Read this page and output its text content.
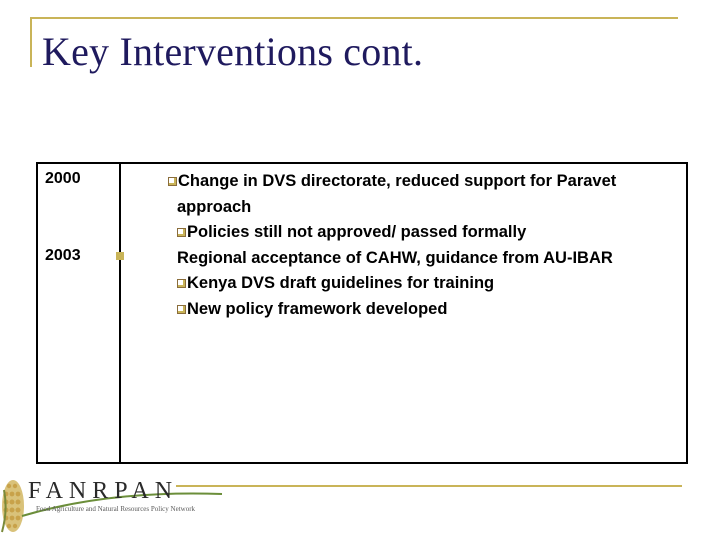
Key Interventions cont.
2000
2003
Change in DVS directorate, reduced support for Paravet
approach
Policies still not approved/ passed formally
Regional acceptance of CAHW, guidance from AU-IBAR
Kenya DVS draft guidelines for training
New policy framework developed
FANRPAN
Food Agriculture and Natural Resources Policy Network
